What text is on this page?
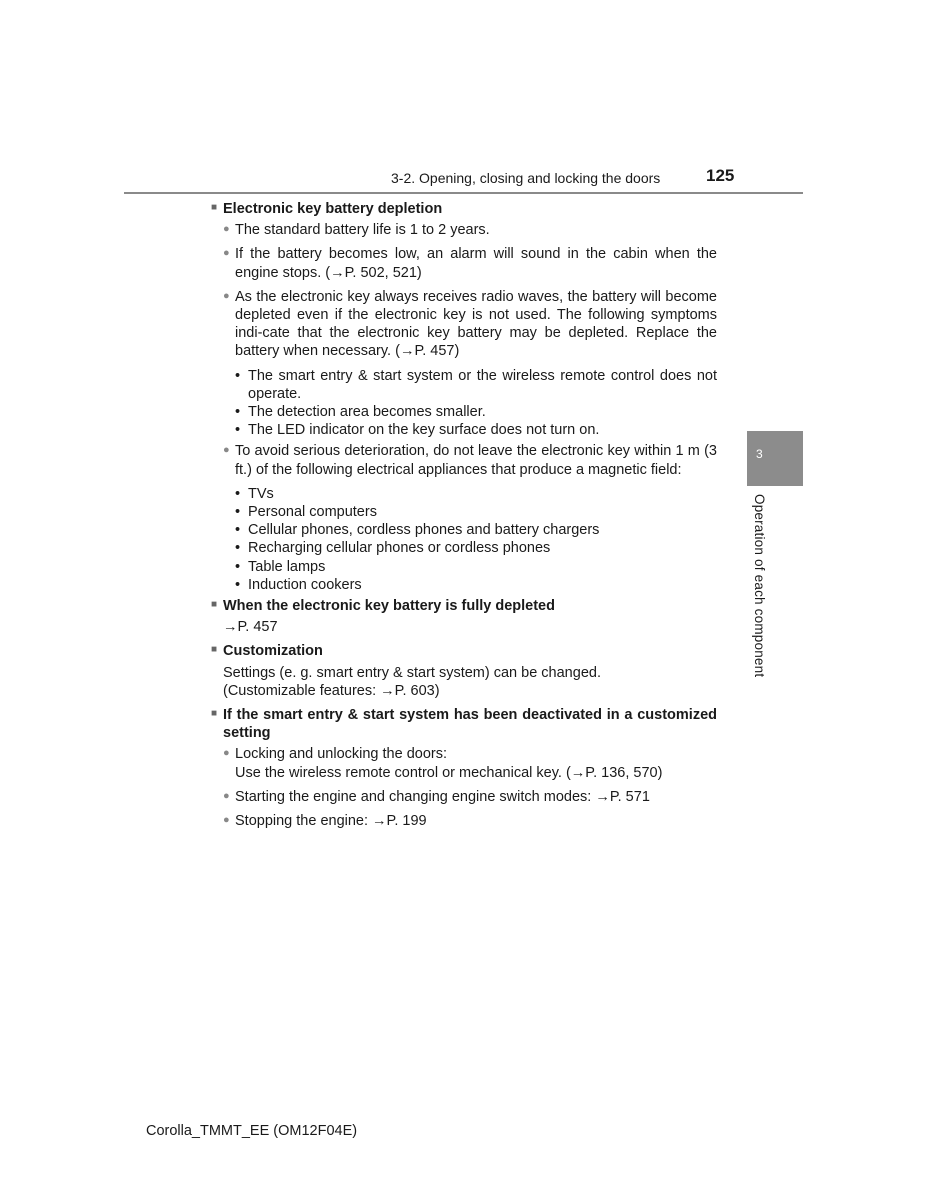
3-2. Opening, closing and locking the doors	125
3
Operation of each component
■ Electronic key battery depletion
● The standard battery life is 1 to 2 years.
● If the battery becomes low, an alarm will sound in the cabin when the engine stops. (→P. 502, 521)
● As the electronic key always receives radio waves, the battery will become depleted even if the electronic key is not used. The following symptoms indi-cate that the electronic key battery may be depleted. Replace the battery when necessary. (→P. 457)
• The smart entry & start system or the wireless remote control does not operate.
• The detection area becomes smaller.
• The LED indicator on the key surface does not turn on.
● To avoid serious deterioration, do not leave the electronic key within 1 m (3 ft.) of the following electrical appliances that produce a magnetic field:
• TVs
• Personal computers
• Cellular phones, cordless phones and battery chargers
• Recharging cellular phones or cordless phones
• Table lamps
• Induction cookers
■ When the electronic key battery is fully depleted
→P. 457
■ Customization
Settings (e. g. smart entry & start system) can be changed.
(Customizable features: →P. 603)
■ If the smart entry & start system has been deactivated in a customized setting
● Locking and unlocking the doors:
Use the wireless remote control or mechanical key. (→P. 136, 570)
● Starting the engine and changing engine switch modes: →P. 571
● Stopping the engine: →P. 199
Corolla_TMMT_EE (OM12F04E)
